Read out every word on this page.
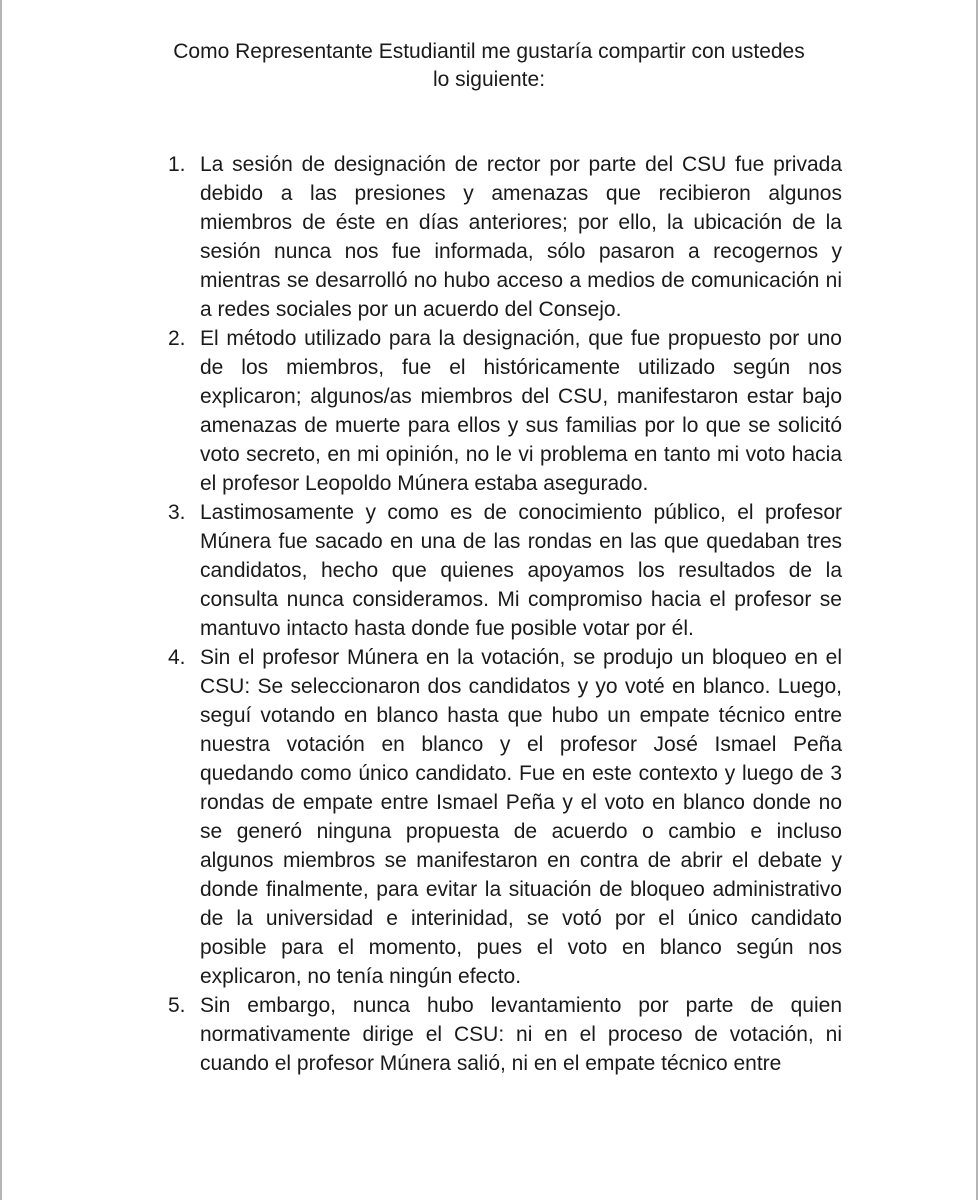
Como Representante Estudiantil me gustaría compartir con ustedes
lo siguiente:
1. La sesión de designación de rector por parte del CSU fue privada debido a las presiones y amenazas que recibieron algunos miembros de éste en días anteriores; por ello, la ubicación de la sesión nunca nos fue informada, sólo pasaron a recogernos y mientras se desarrolló no hubo acceso a medios de comunicación ni a redes sociales por un acuerdo del Consejo.
2. El método utilizado para la designación, que fue propuesto por uno de los miembros, fue el históricamente utilizado según nos explicaron; algunos/as miembros del CSU, manifestaron estar bajo amenazas de muerte para ellos y sus familias por lo que se solicitó voto secreto, en mi opinión, no le vi problema en tanto mi voto hacia el profesor Leopoldo Múnera estaba asegurado.
3. Lastimosamente y como es de conocimiento público, el profesor Múnera fue sacado en una de las rondas en las que quedaban tres candidatos, hecho que quienes apoyamos los resultados de la consulta nunca consideramos. Mi compromiso hacia el profesor se mantuvo intacto hasta donde fue posible votar por él.
4. Sin el profesor Múnera en la votación, se produjo un bloqueo en el CSU: Se seleccionaron dos candidatos y yo voté en blanco. Luego, seguí votando en blanco hasta que hubo un empate técnico entre nuestra votación en blanco y el profesor José Ismael Peña quedando como único candidato. Fue en este contexto y luego de 3 rondas de empate entre Ismael Peña y el voto en blanco donde no se generó ninguna propuesta de acuerdo o cambio e incluso algunos miembros se manifestaron en contra de abrir el debate y donde finalmente, para evitar la situación de bloqueo administrativo de la universidad e interinidad, se votó por el único candidato posible para el momento, pues el voto en blanco según nos explicaron, no tenía ningún efecto.
5. Sin embargo, nunca hubo levantamiento por parte de quien normativamente dirige el CSU: ni en el proceso de votación, ni cuando el profesor Múnera salió, ni en el empate técnico entre
